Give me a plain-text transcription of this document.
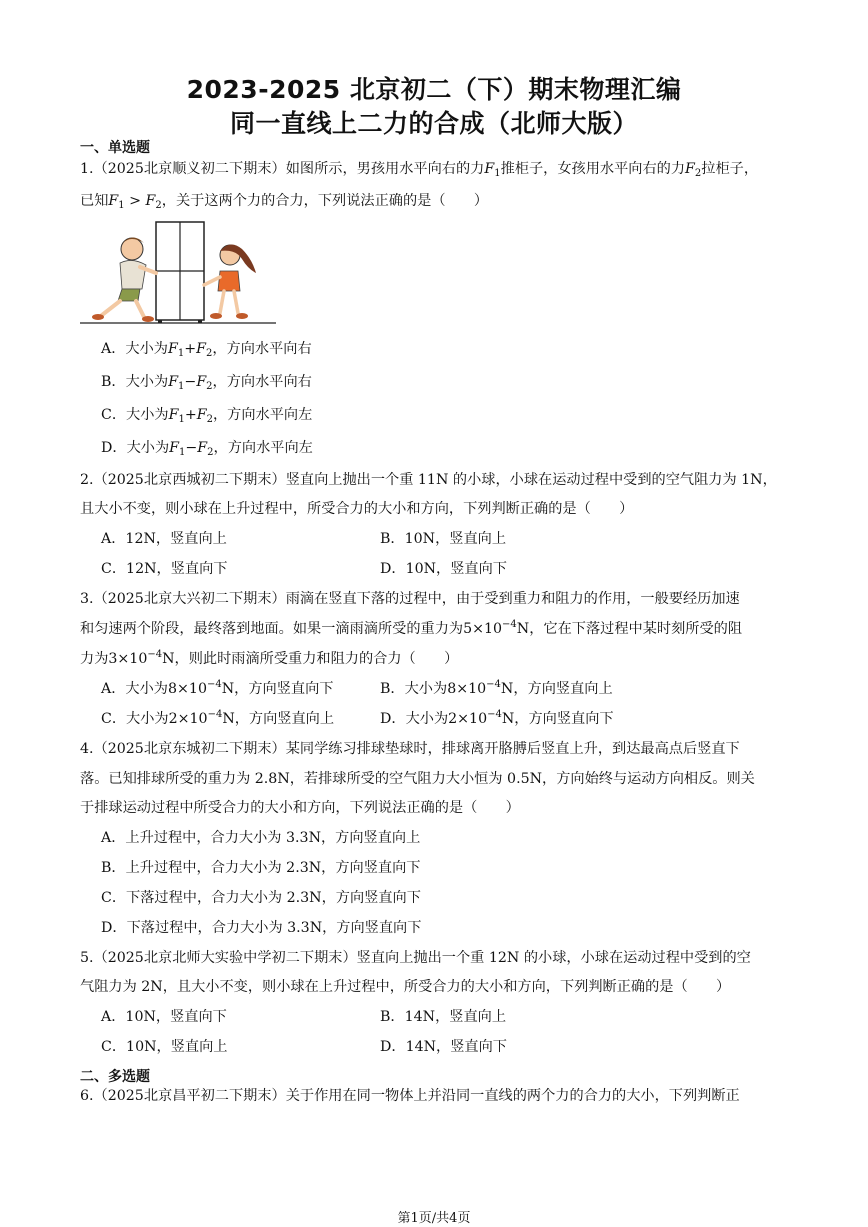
2023-2025 北京初二（下）期末物理汇编
同一直线上二力的合成（北师大版）
一、单选题
1.（2025北京顺义初二下期末）如图所示，男孩用水平向右的力$F_1$推柜子，女孩用水平向右的力$F_2$拉柜子，
已知$F_1 > F_2$，关于这两个力的合力，下列说法正确的是（　　）
A．大小为$F_1+F_2$，方向水平向右
B．大小为$F_1-F_2$，方向水平向右
C．大小为$F_1+F_2$，方向水平向左
D．大小为$F_1-F_2$，方向水平向左
2.（2025北京西城初二下期末）竖直向上抛出一个重 11N 的小球，小球在运动过程中受到的空气阻力为 1N，
且大小不变，则小球在上升过程中，所受合力的大小和方向，下列判断正确的是（　　）
A．12N，竖直向上	B．10N，竖直向上
C．12N，竖直向下	D．10N，竖直向下
3.（2025北京大兴初二下期末）雨滴在竖直下落的过程中，由于受到重力和阻力的作用，一般要经历加速
和匀速两个阶段，最终落到地面。如果一滴雨滴所受的重力为$5\times 10^{-4}N$，它在下落过程中某时刻所受的阻
力为$3\times 10^{-4}N$，则此时雨滴所受重力和阻力的合力（　　）
A．大小为$8\times 10^{-4}N$，方向竖直向下	B．大小为$8\times 10^{-4}N$，方向竖直向上
C．大小为$2\times 10^{-4}N$，方向竖直向上	D．大小为$2\times 10^{-4}N$，方向竖直向下
4.（2025北京东城初二下期末）某同学练习排球垫球时，排球离开胳膊后竖直上升，到达最高点后竖直下
落。已知排球所受的重力为 2.8N，若排球所受的空气阻力大小恒为 0.5N，方向始终与运动方向相反。则关
于排球运动过程中所受合力的大小和方向，下列说法正确的是（　　）
A．上升过程中，合力大小为 3.3N，方向竖直向上
B．上升过程中，合力大小为 2.3N，方向竖直向下
C．下落过程中，合力大小为 2.3N，方向竖直向下
D．下落过程中，合力大小为 3.3N，方向竖直向下
5.（2025北京北师大实验中学初二下期末）竖直向上抛出一个重 12N 的小球，小球在运动过程中受到的空
气阻力为 2N，且大小不变，则小球在上升过程中，所受合力的大小和方向，下列判断正确的是（　　）
A．10N，竖直向下	B．14N，竖直向上
C．10N，竖直向上	D．14N，竖直向下
二、多选题
6.（2025北京昌平初二下期末）关于作用在同一物体上并沿同一直线的两个力的合力的大小，下列判断正
第1页/共4页
